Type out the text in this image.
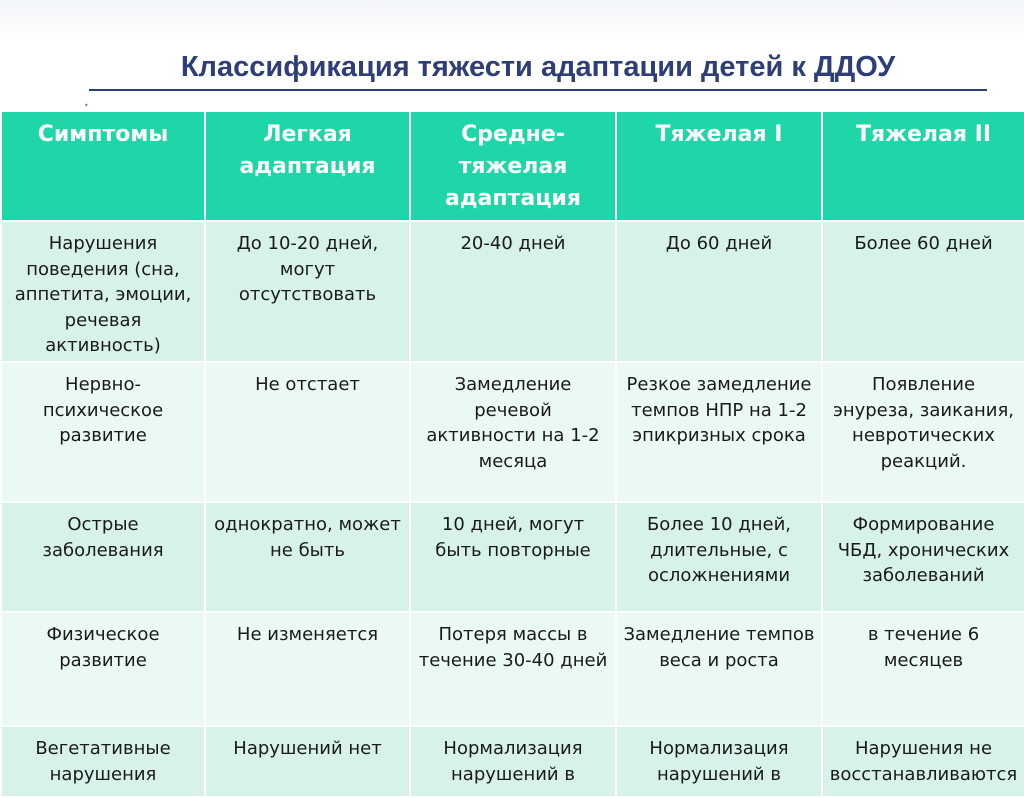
Классификация тяжести адаптации детей к ДДОУ
•
Симптомы	Легкая адаптация	Средне-тяжелая адаптация	Тяжелая I	Тяжелая II

Нарушения поведения (сна, аппетита, эмоции, речевая активность)	До 10-20 дней, могут отсутствовать	20-40 дней	До 60 дней	Более 60 дней

Нервно-психическое развитие	Не отстает	Замедление речевой активности на 1-2 месяца	Резкое замедление темпов НПР на 1-2 эпикризных срока	Появление энуреза, заикания, невротических реакций.

Острые заболевания	однократно, может не быть	10 дней, могут быть повторные	Более 10 дней, длительные, с осложнениями	Формирование ЧБД, хронических заболеваний

Физическое развитие	Не изменяется	Потеря массы в течение 30-40 дней	Замедление темпов веса и роста	в течение 6 месяцев

Вегетативные нарушения	Нарушений нет	Нормализация нарушений в	Нормализация нарушений в	Нарушения не восстанавливаются
